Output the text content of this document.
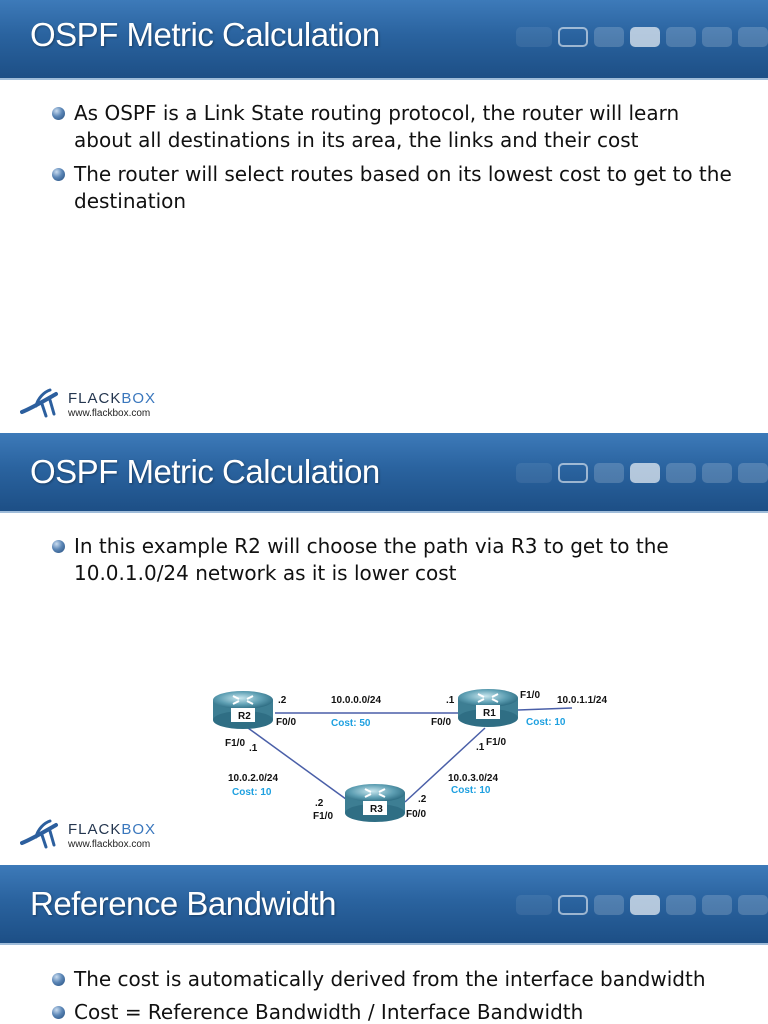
OSPF Metric Calculation
As OSPF is a Link State routing protocol, the router will learn about all destinations in its area, the links and their cost
The router will select routes based on its lowest cost to get to the destination
FLACKBOX
www.flackbox.com
OSPF Metric Calculation
In this example R2 will choose the path via R3 to get to the 10.0.1.0/24 network as it is lower cost
R2	R1
R3
.2
F0/0
10.0.0.0/24
Cost: 50
.1
F0/0
F1/0 10.0.1.1/24
Cost: 10
.1 F1/0
F1/0 .1
10.0.2.0/24
Cost: 10
10.0.3.0/24
Cost: 10
.2
F1/0
.2
F0/0
FLACKBOX
www.flackbox.com
Reference Bandwidth
The cost is automatically derived from the interface bandwidth
Cost = Reference Bandwidth / Interface Bandwidth
